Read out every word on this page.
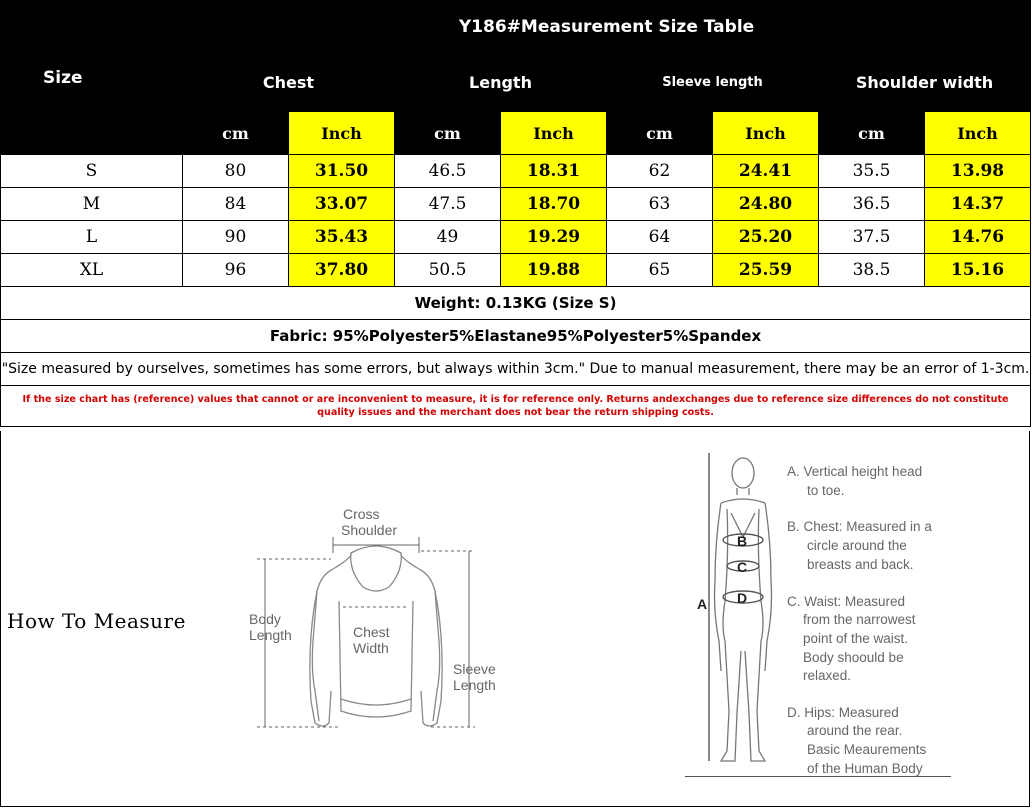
Size	Y186#Measurement Size Table							
	Chest		Length		Sleeve length		Shoulder width	
	cm	Inch	cm	Inch	cm	Inch	cm	Inch
S	80	31.50	46.5	18.31	62	24.41	35.5	13.98
M	84	33.07	47.5	18.70	63	24.80	36.5	14.37
L	90	35.43	49	19.29	64	25.20	37.5	14.76
XL	96	37.80	50.5	19.88	65	25.59	38.5	15.16
Weight: 0.13KG (Size S)								
Fabric: 95%Polyester5%Elastane95%Polyester5%Spandex								
"Size measured by ourselves, sometimes has some errors, but always within 3cm." Due to manual measurement, there may be an error of 1-3cm.								
If the size chart has (reference) values that cannot or are inconvenient to measure, it is for reference only. Returns andexchanges due to reference size differences do not constitute quality issues and the merchant does not bear the return shipping costs.								
How To Measure
Cross
Shoulder
Body
Length	Chest
Width
Sleeve
Length
B
C
D
A
A. Vertical height head
to toe.
B. Chest: Measured in a
circle around the
breasts and back.
C. Waist: Measured
from the narrowest
point of the waist.
Body shoould be
relaxed.
D. Hips: Measured
around the rear.
Basic Meaurements
of the Human Body
